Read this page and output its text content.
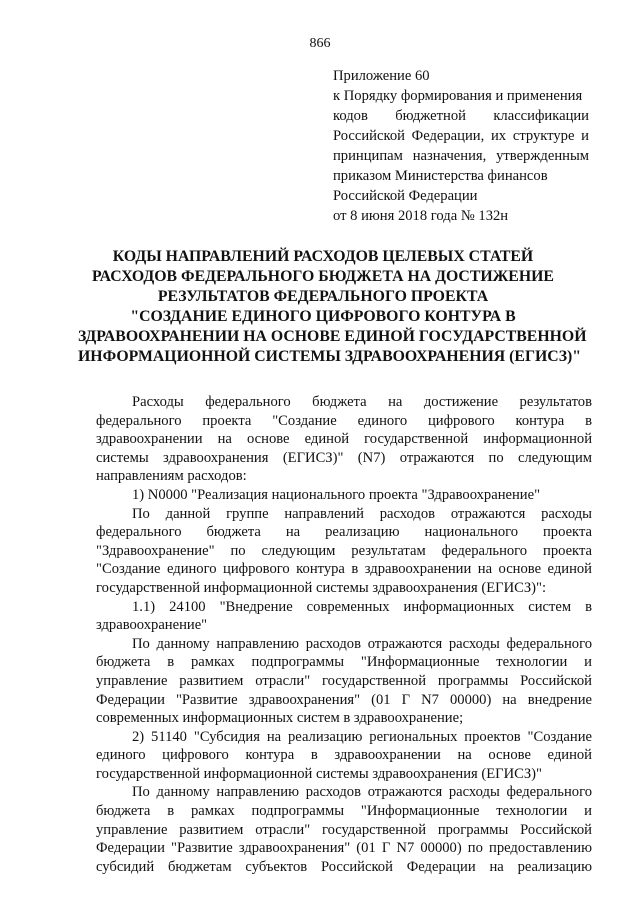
866
Приложение 60
к Порядку формирования и применения
кодов бюджетной классификации
Российской Федерации, их структуре и
принципам назначения, утвержденным
приказом Министерства финансов
Российской Федерации
от 8 июня 2018 года № 132н
КОДЫ НАПРАВЛЕНИЙ РАСХОДОВ ЦЕЛЕВЫХ СТАТЕЙ
РАСХОДОВ ФЕДЕРАЛЬНОГО БЮДЖЕТА НА ДОСТИЖЕНИЕ
РЕЗУЛЬТАТОВ ФЕДЕРАЛЬНОГО ПРОЕКТА
"СОЗДАНИЕ ЕДИНОГО ЦИФРОВОГО КОНТУРА В
ЗДРАВООХРАНЕНИИ НА ОСНОВЕ ЕДИНОЙ ГОСУДАРСТВЕННОЙ
ИНФОРМАЦИОННОЙ СИСТЕМЫ ЗДРАВООХРАНЕНИЯ (ЕГИСЗ)"
Расходы федерального бюджета на достижение результатов
федерального проекта "Создание единого цифрового контура в
здравоохранении на основе единой государственной информационной
системы здравоохранения (ЕГИСЗ)" (N7) отражаются по следующим
направлениям расходов:
1) N0000 "Реализация национального проекта "Здравоохранение"
По данной группе направлений расходов отражаются расходы
федерального бюджета на реализацию национального проекта
"Здравоохранение" по следующим результатам федерального проекта
"Создание единого цифрового контура в здравоохранении на основе единой
государственной информационной системы здравоохранения (ЕГИСЗ)":
1.1) 24100 "Внедрение современных информационных систем в
здравоохранение"
По данному направлению расходов отражаются расходы федерального
бюджета в рамках подпрограммы "Информационные технологии и
управление развитием отрасли" государственной программы Российской
Федерации "Развитие здравоохранения" (01 Г N7 00000) на внедрение
современных информационных систем в здравоохранение;
2) 51140 "Субсидия на реализацию региональных проектов "Создание
единого цифрового контура в здравоохранении на основе единой
государственной информационной системы здравоохранения (ЕГИСЗ)"
По данному направлению расходов отражаются расходы федерального
бюджета в рамках подпрограммы "Информационные технологии и
управление развитием отрасли" государственной программы Российской
Федерации "Развитие здравоохранения" (01 Г N7 00000) по предоставлению
субсидий бюджетам субъектов Российской Федерации на реализацию
